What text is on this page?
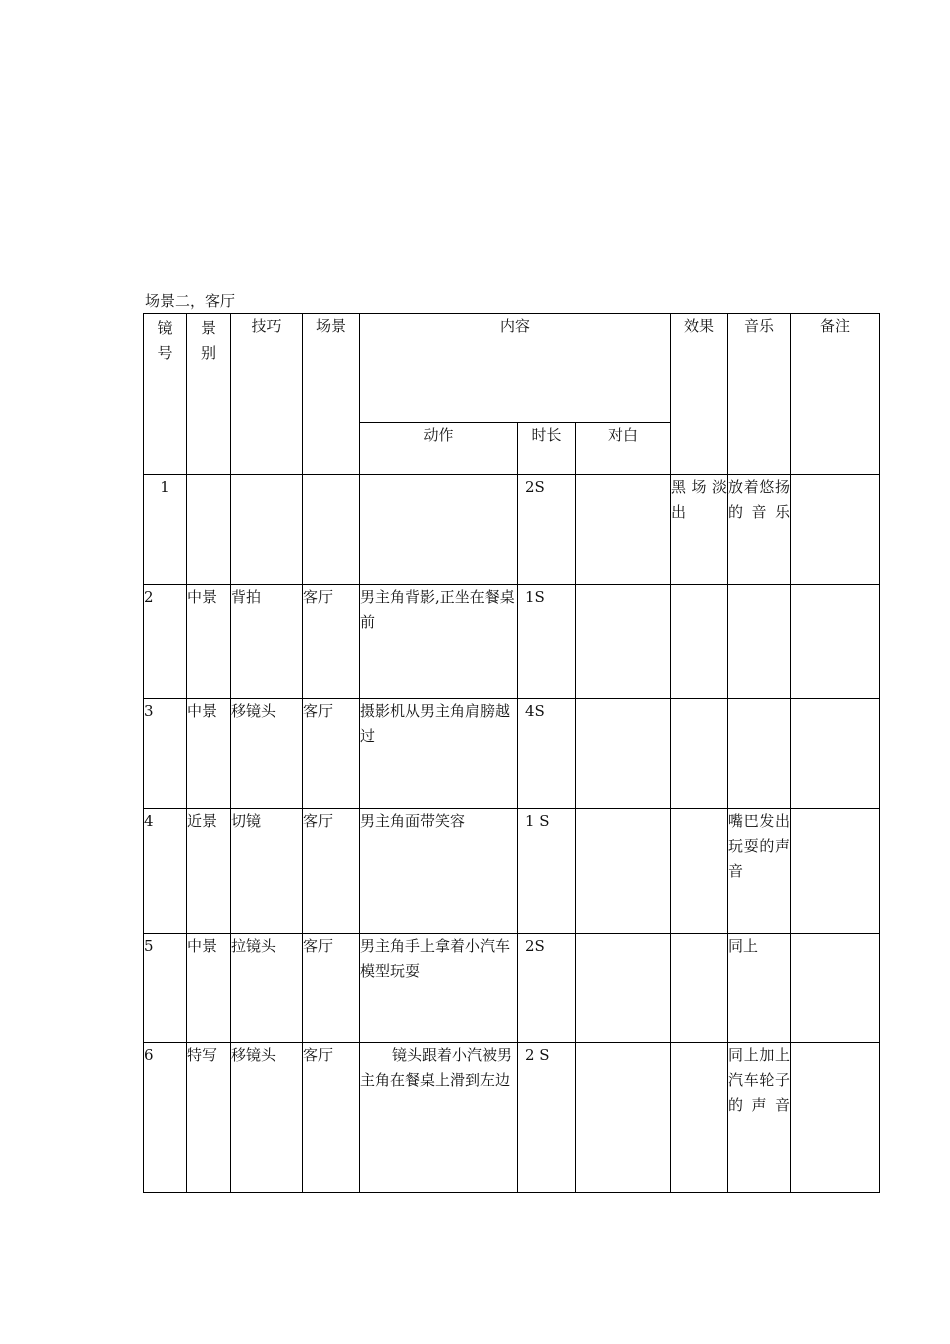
场景二，客厅
镜号	景别	技巧	场景	内容			效果	音乐	备注
				动作	时长	对白			
1					2S		黑场淡出	放着悠扬的音乐	
2	中景	背拍	客厅	男主角背影,正坐在餐桌前	1S				
3	中景	移镜头	客厅	摄影机从男主角肩膀越过	4S				
4	近景	切镜	客厅	男主角面带笑容	1 S			嘴巴发出玩耍的声音	
5	中景	拉镜头	客厅	男主角手上拿着小汽车模型玩耍	2S			同上	
6	特写	移镜头	客厅	镜头跟着小汽被男主角在餐桌上滑到左边	2 S			同上加上汽车轮子的声音	
